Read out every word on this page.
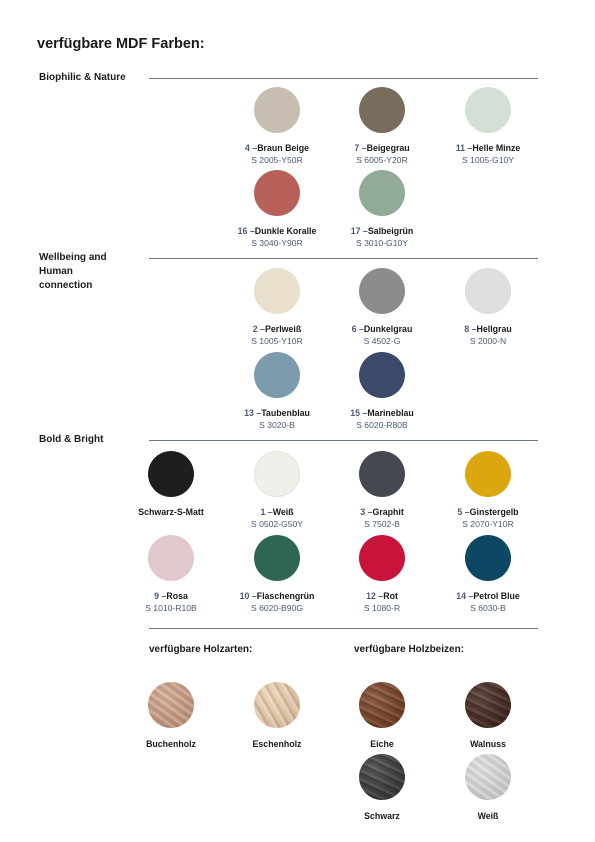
verfügbare MDF Farben:
Biophilic & Nature
Wellbeing and Human connection
Bold & Bright
4 –Braun Beige
S 2005-Y50R
7 –Beigegrau
S 6005-Y20R
11 –Helle Minze
S 1005-G10Y
16 –Dunkle Koralle
S 3040-Y90R
17 –Salbeigrün
S 3010-G10Y
2 –Perlweiß
S 1005-Y10R
6 –Dunkelgrau
S 4502-G
8 –Hellgrau
S 2000-N
13 –Taubenblau
S 3020-B
15 –Marineblau
S 6020-R80B
Schwarz-S-Matt	1 –Weiß
S 0502-G50Y
3 –Graphit
S 7502-B
5 –Ginstergelb
S 2070-Y10R
9 –Rosa
S 1010-R10B
10 –Flaschengrün
S 6020-B90G
12 –Rot
S 1080-R
14 –Petrol Blue
S 6030-B
verfügbare Holzarten:	verfügbare Holzbeizen:
Buchenholz	Eschenholz	Eiche	Walnuss
Schwarz	Weiß
